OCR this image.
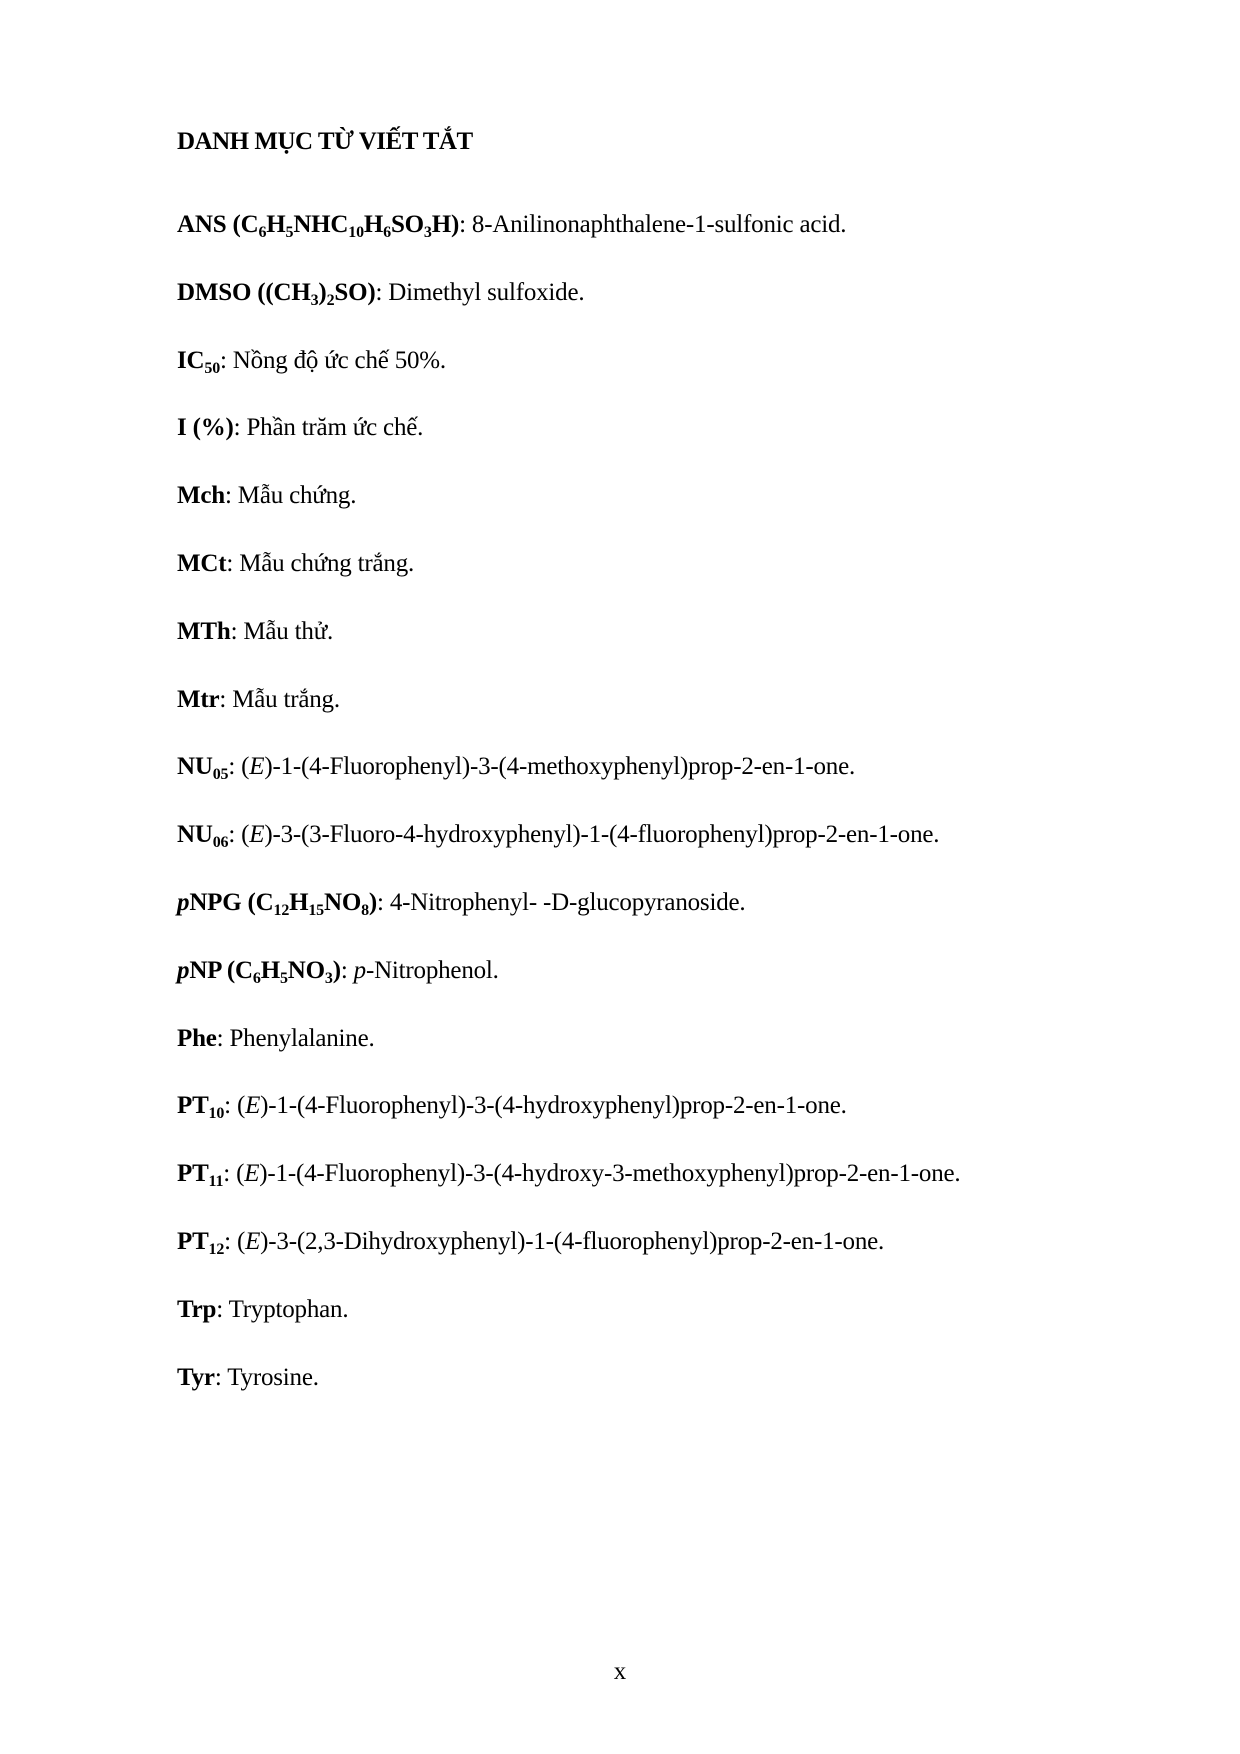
DANH MỤC TỪ VIẾT TẮT
ANS $(C_6H_5NHC_{10}H_6SO_3H)$: 8-Anilinonaphthalene-1-sulfonic acid.
DMSO $((CH_3)_2SO)$: Dimethyl sulfoxide.
$IC_{50}$: Nồng độ ức chế 50%.
I (%): Phần trăm ức chế.
Mch: Mẫu chứng.
MCt: Mẫu chứng trắng.
MTh: Mẫu thử.
Mtr: Mẫu trắng.
$NU_{05}$: (E)-1-(4-Fluorophenyl)-3-(4-methoxyphenyl)prop-2-en-1-one.
$NU_{06}$: (E)-3-(3-Fluoro-4-hydroxyphenyl)-1-(4-fluorophenyl)prop-2-en-1-one.
pNPG $(C_{12}H_{15}NO_8)$: 4-Nitrophenyl- -D-glucopyranoside.
pNP $(C_6H_5NO_3)$: p-Nitrophenol.
Phe: Phenylalanine.
$PT_{10}$: (E)-1-(4-Fluorophenyl)-3-(4-hydroxyphenyl)prop-2-en-1-one.
$PT_{11}$: (E)-1-(4-Fluorophenyl)-3-(4-hydroxy-3-methoxyphenyl)prop-2-en-1-one.
$PT_{12}$: (E)-3-(2,3-Dihydroxyphenyl)-1-(4-fluorophenyl)prop-2-en-1-one.
Trp: Tryptophan.
Tyr: Tyrosine.
x
